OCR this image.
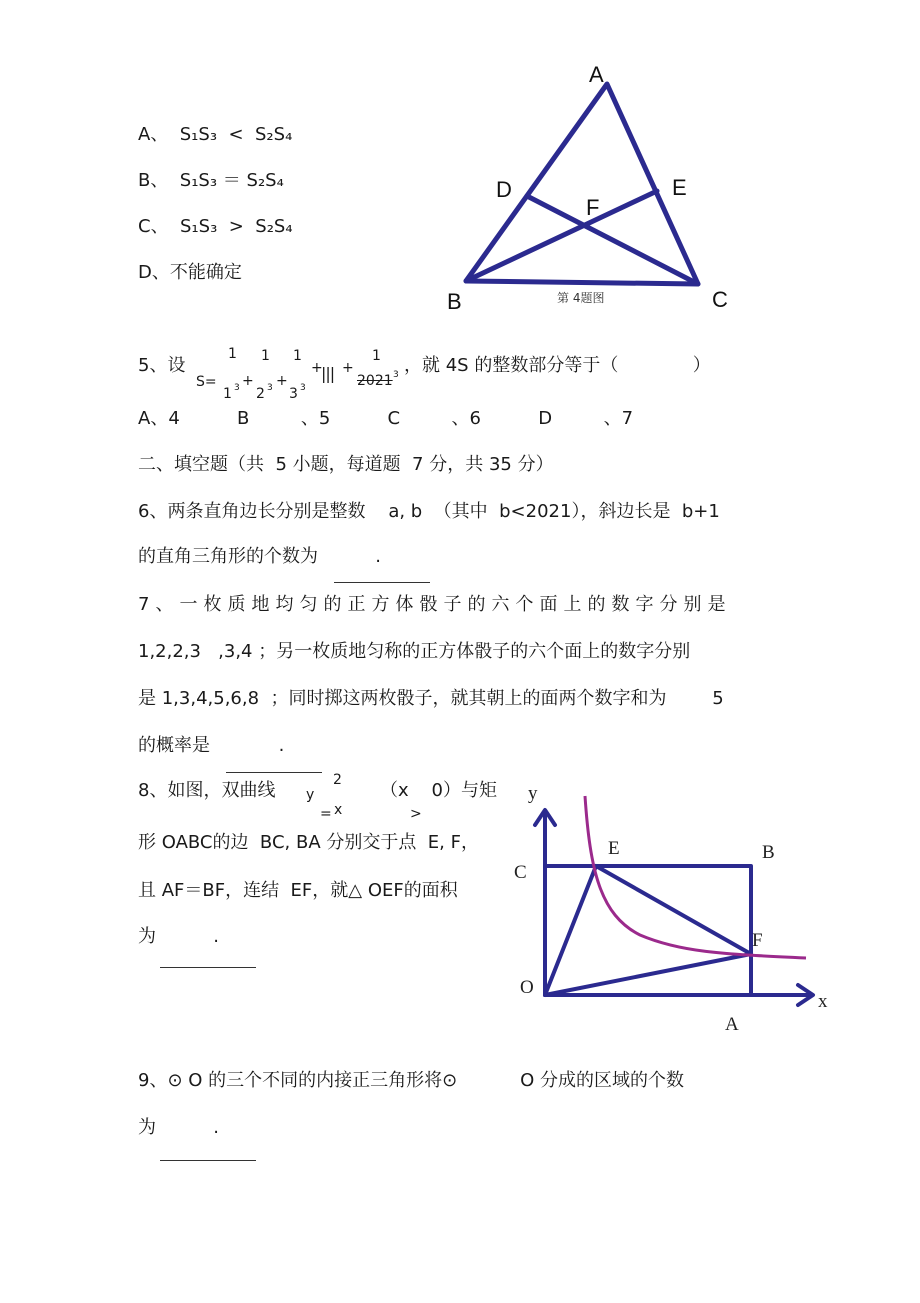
A、  S₁S₃  <  S₂S₄
B、  S₁S₃ ＝ S₂S₄
C、  S₁S₃  >  S₂S₄
D、不能确定
A
B	C
D	E
F
第 4题图
5、设
S=
1 1 1	1
+ +
+ +
|||
1 2 3
2021
3	3	3
3 ，就 4S 的整数部分等于（             ）
A、4          B         、5          C         、6          D         、7
二、填空题（共  5 小题，每道题  7 分，共 35 分）
6、两条直角边长分别是整数    a, b  （其中  b<2021），斜边长是  b+1
的直角三角形的个数为          .
7、一枚质地均匀的正方体骰子的六个面上的数字分别是
1,2,2,3   ,3,4 ；另一枚质地匀称的正方体骰子的六个面上的数字分别
是 1,3,4,5,6,8  ；同时掷这两枚骰子，就其朝上的面两个数字和为        5
的概率是            .
8、如图，双曲线 y
2
= x
（x    0）与矩
>
形 OABC的边  BC, BA 分别交于点  E, F，
且 AF＝BF，连结  EF，就△ OEF的面积
为          .
y
x
O
A
B
C
E
F
9、⊙ O 的三个不同的内接正三角形将⊙           O 分成的区域的个数
为          .
